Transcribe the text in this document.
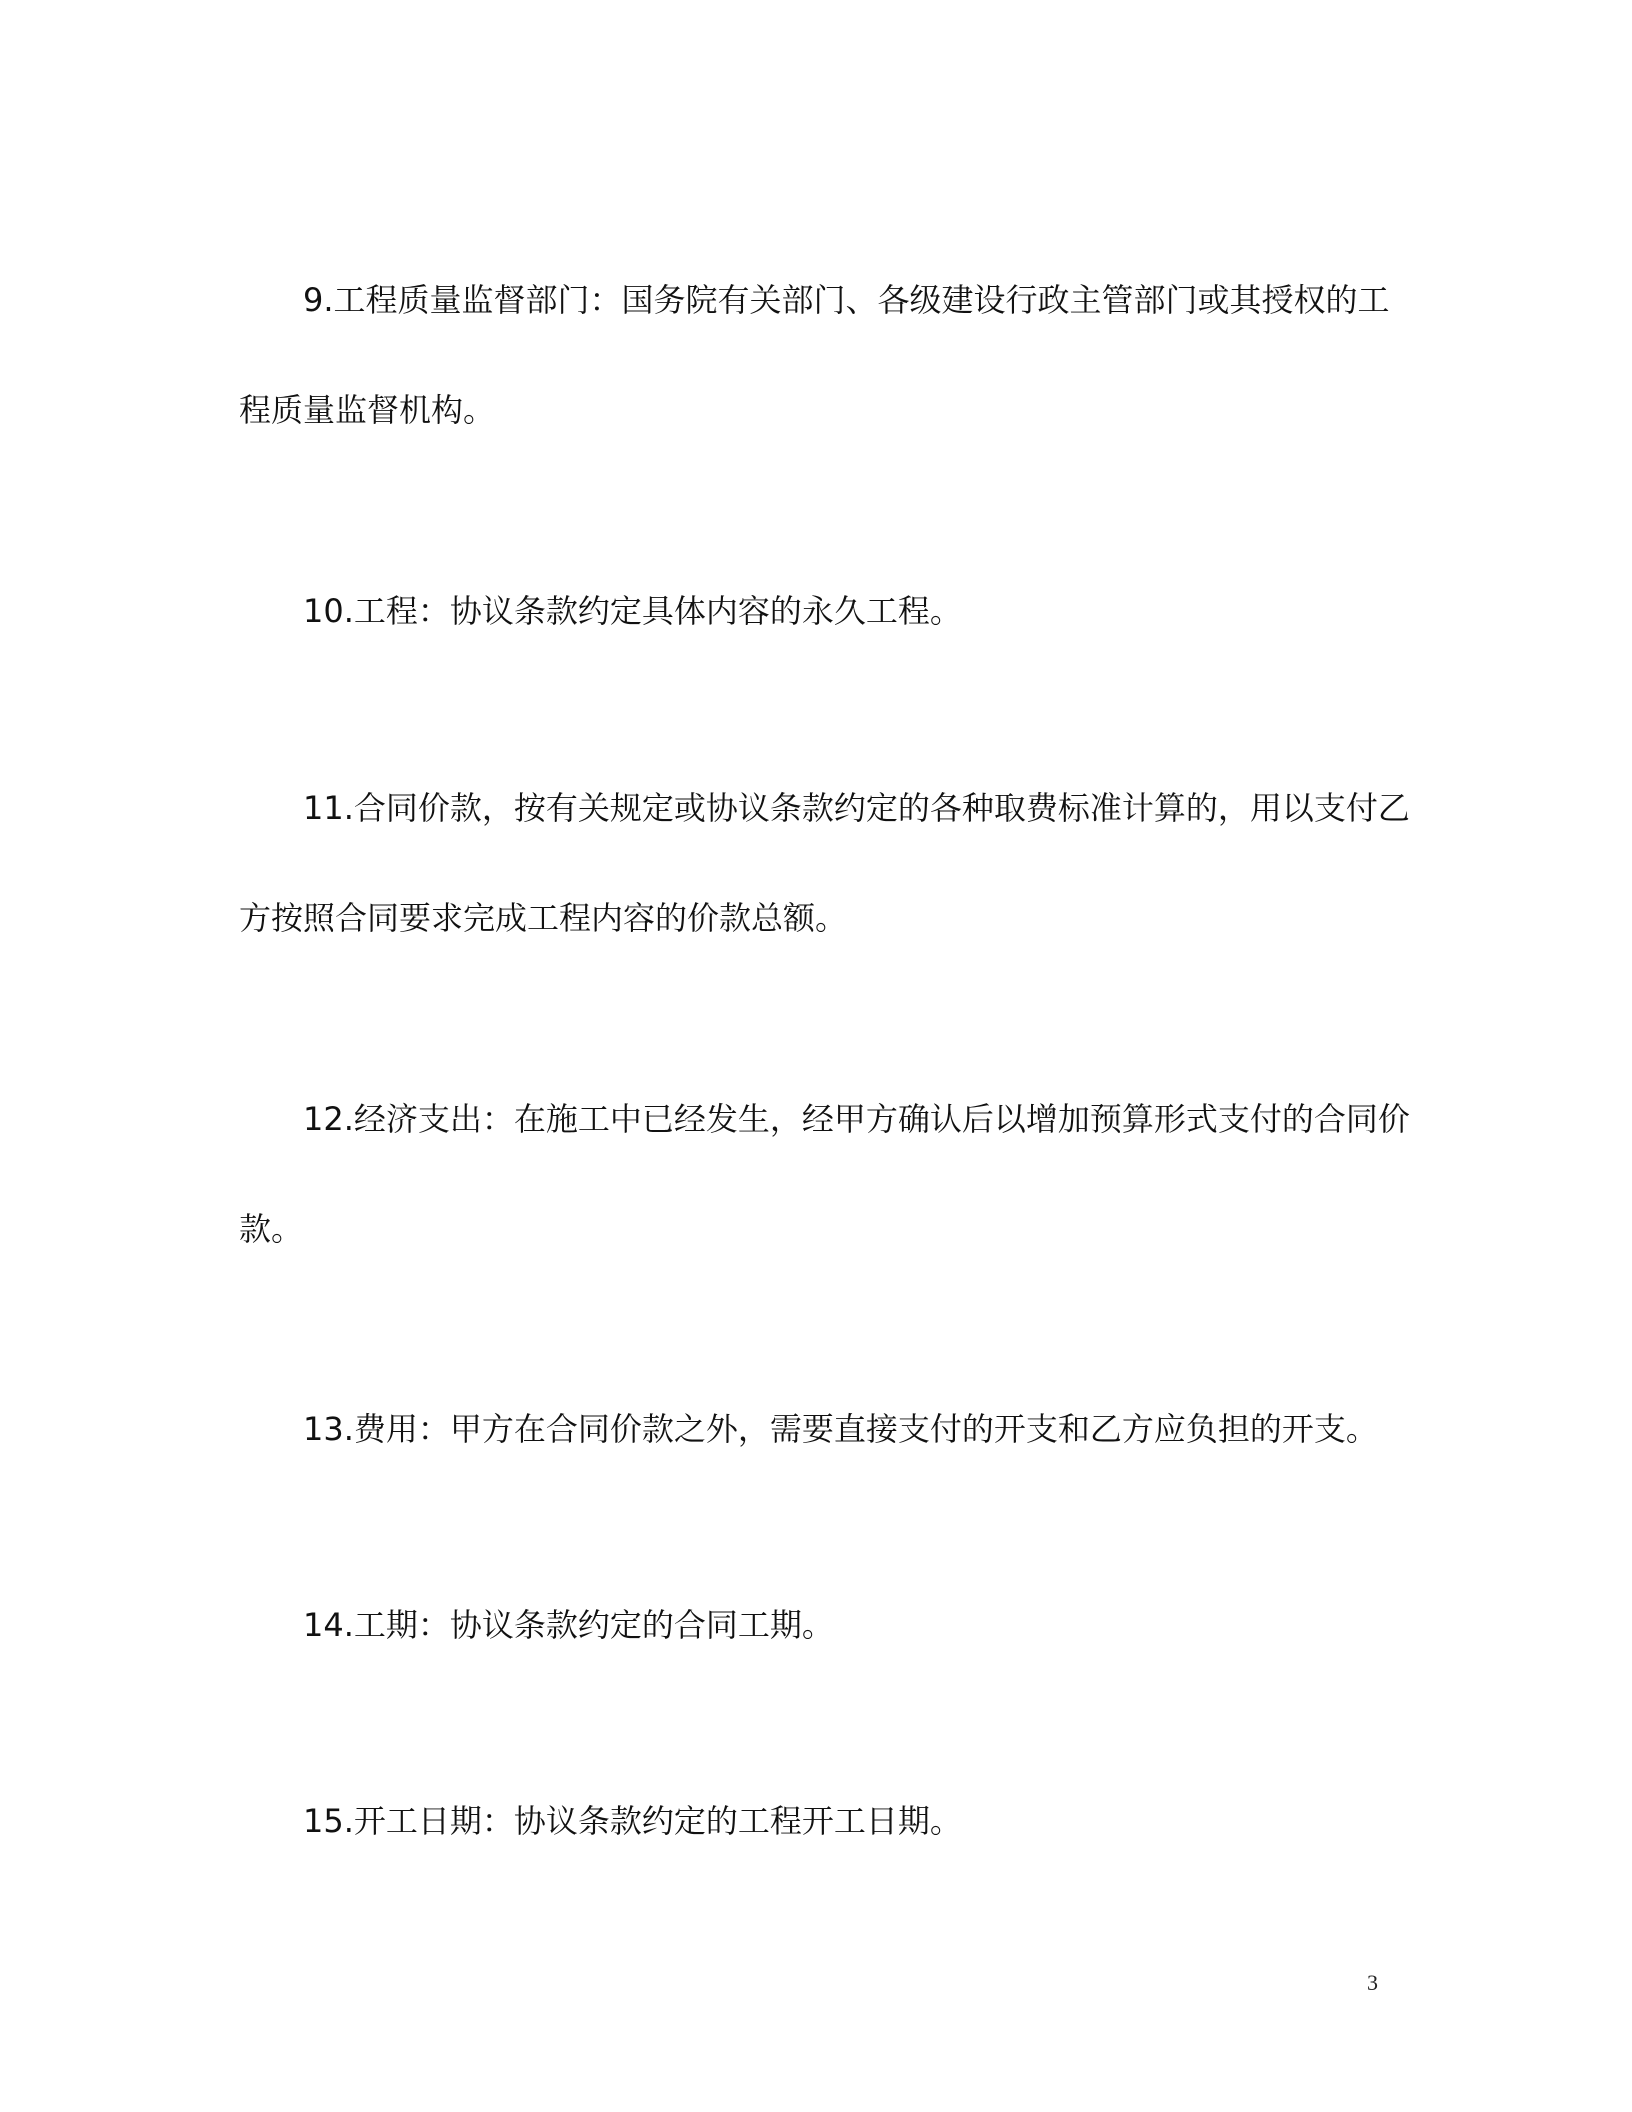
9.工程质量监督部门：国务院有关部门、各级建设行政主管部门或其授权的工
程质量监督机构。
10.工程：协议条款约定具体内容的永久工程。
11.合同价款，按有关规定或协议条款约定的各种取费标准计算的，用以支付乙
方按照合同要求完成工程内容的价款总额。
12.经济支出：在施工中已经发生，经甲方确认后以增加预算形式支付的合同价
款。
13.费用：甲方在合同价款之外，需要直接支付的开支和乙方应负担的开支。
14.工期：协议条款约定的合同工期。
15.开工日期：协议条款约定的工程开工日期。
3
